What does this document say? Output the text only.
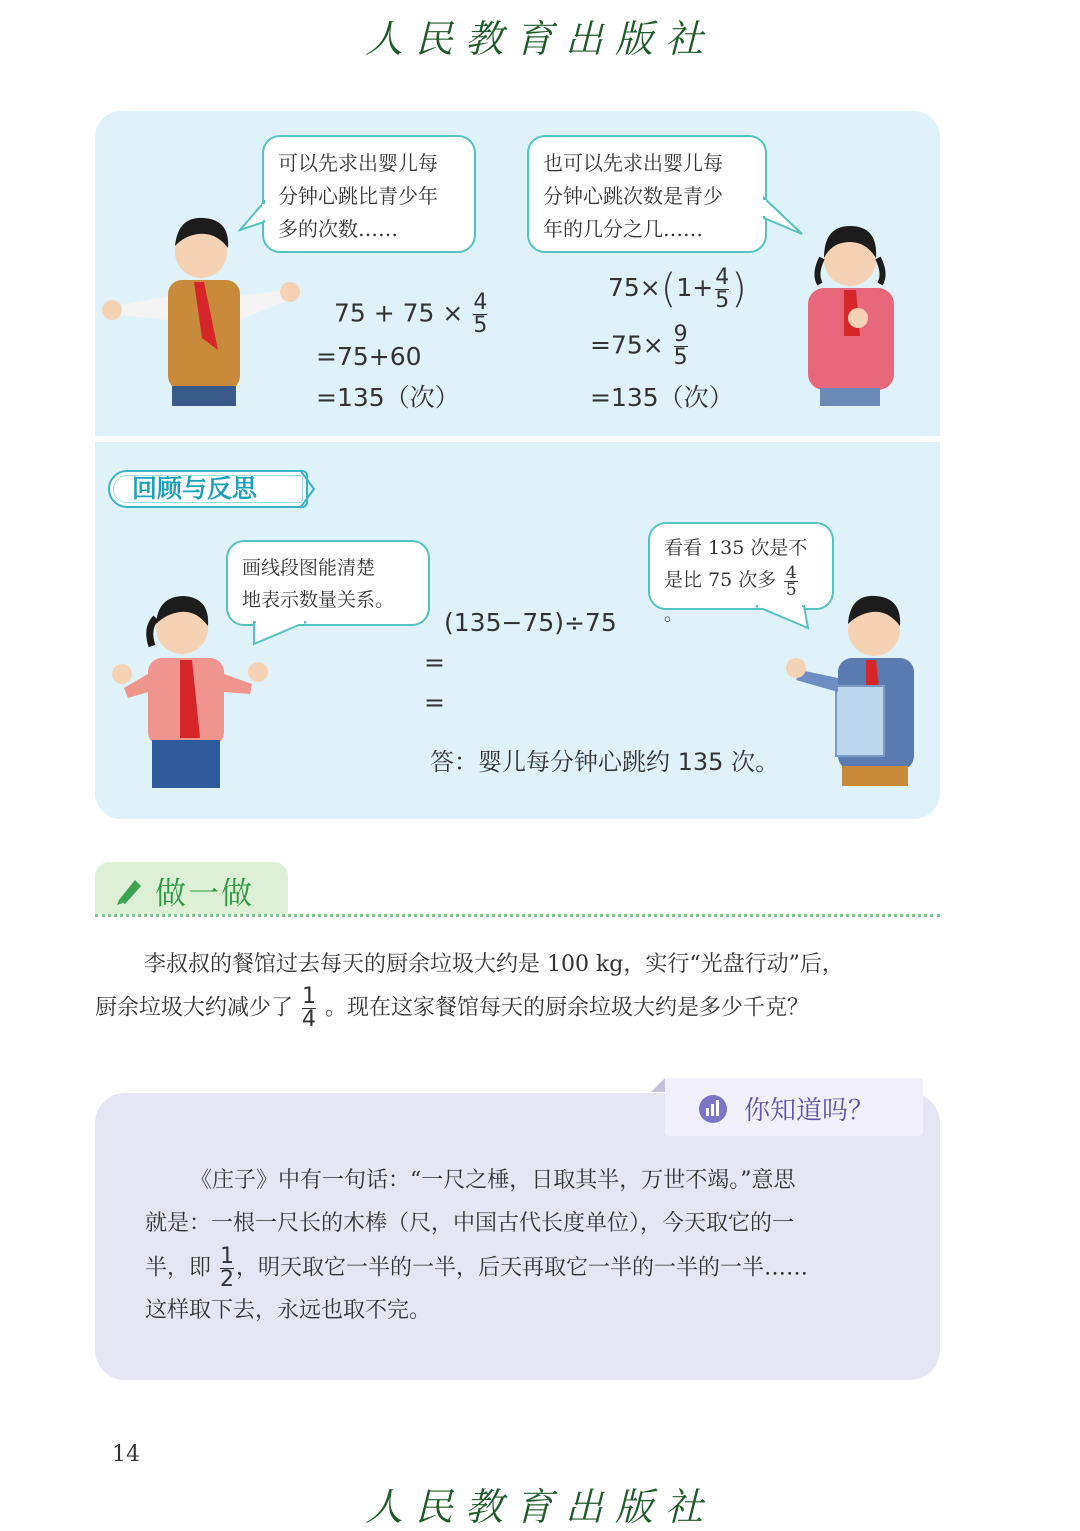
人民教育出版社
可以先求出婴儿每
分钟心跳比青少年
多的次数……
也可以先求出婴儿每
分钟心跳次数是青少
年的几分之几……
$75 + 75 \times \frac{4}{5}$
=75+60
=135（次）
$75\times(1+ \frac{4}{5}$ )
$=75\times \frac{9}{5}$
=135（次）
回顾与反思
画线段图能清楚
地表示数量关系。
看看 135 次是不
是比 75 次多 $\frac{4}{5}$
。
(135−75)÷75
=
=
答：婴儿每分钟心跳约 135 次。
做一做
李叔叔的餐馆过去每天的厨余垃圾大约是 100 kg，实行“光盘行动”后，
厨余垃圾大约减少了 $\frac{1}{4}$ 。现在这家餐馆每天的厨余垃圾大约是多少千克？
你知道吗？
《庄子》中有一句话：“一尺之棰，日取其半，万世不竭。”意思
就是：一根一尺长的木棒（尺，中国古代长度单位），今天取它的一
半，即 $\frac{1}{2}$ ，明天取它一半的一半，后天再取它一半的一半的一半……
这样取下去，永远也取不完。
14
人民教育出版社
